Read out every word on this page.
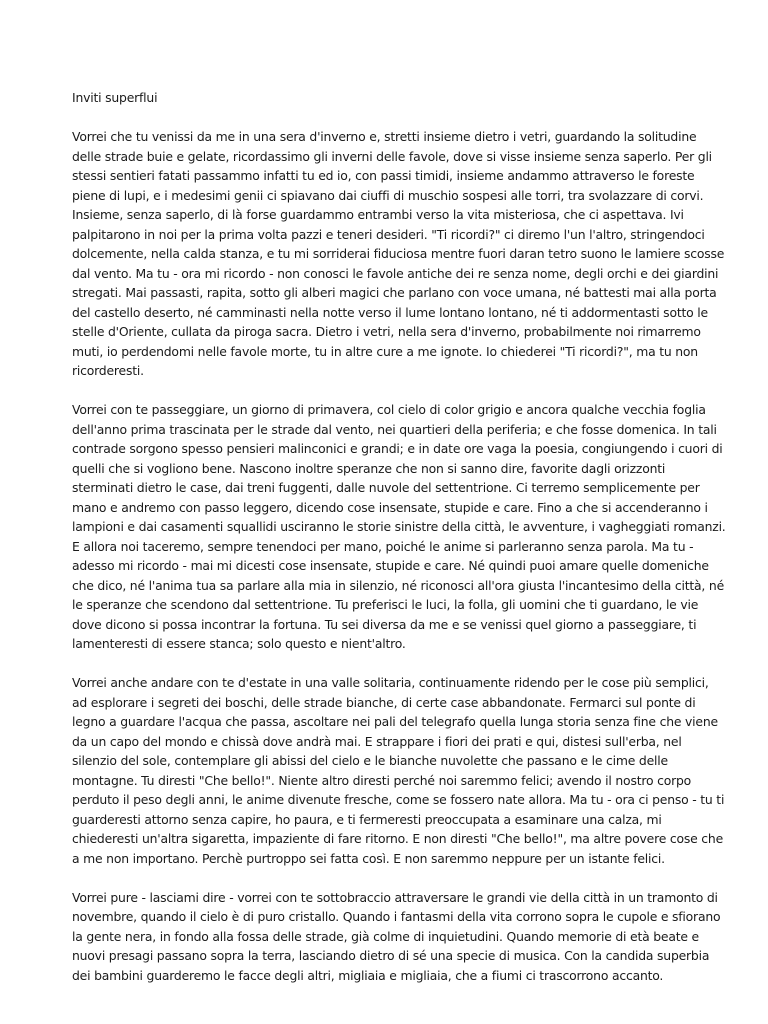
Inviti superflui

Vorrei che tu venissi da me in una sera d'inverno e, stretti insieme dietro i vetri, guardando la solitudine delle strade buie e gelate, ricordassimo gli inverni delle favole, dove si visse insieme senza saperlo. Per gli stessi sentieri fatati passammo infatti tu ed io, con passi timidi, insieme andammo attraverso le foreste piene di lupi, e i medesimi genii ci spiavano dai ciuffi di muschio sospesi alle torri, tra svolazzare di corvi. Insieme, senza saperlo, di là forse guardammo entrambi verso la vita misteriosa, che ci aspettava. Ivi palpitarono in noi per la prima volta pazzi e teneri desideri. "Ti ricordi?" ci diremo l'un l'altro, stringendoci dolcemente, nella calda stanza, e tu mi sorriderai fiduciosa mentre fuori daran tetro suono le lamiere scosse dal vento. Ma tu - ora mi ricordo - non conosci le favole antiche dei re senza nome, degli orchi e dei giardini stregati. Mai passasti, rapita, sotto gli alberi magici che parlano con voce umana, né battesti mai alla porta del castello deserto, né camminasti nella notte verso il lume lontano lontano, né ti addormentasti sotto le stelle d'Oriente, cullata da piroga sacra. Dietro i vetri, nella sera d'inverno, probabilmente noi rimarremo muti, io perdendomi nelle favole morte, tu in altre cure a me ignote. Io chiederei "Ti ricordi?", ma tu non ricorderesti.

Vorrei con te passeggiare, un giorno di primavera, col cielo di color grigio e ancora qualche vecchia foglia dell'anno prima trascinata per le strade dal vento, nei quartieri della periferia; e che fosse domenica. In tali contrade sorgono spesso pensieri malinconici e grandi; e in date ore vaga la poesia, congiungendo i cuori di quelli che si vogliono bene. Nascono inoltre speranze che non si sanno dire, favorite dagli orizzonti sterminati dietro le case, dai treni fuggenti, dalle nuvole del settentrione. Ci terremo semplicemente per mano e andremo con passo leggero, dicendo cose insensate, stupide e care. Fino a che si accenderanno i lampioni e dai casamenti squallidi usciranno le storie sinistre della città, le avventure, i vagheggiati romanzi. E allora noi taceremo, sempre tenendoci per mano, poiché le anime si parleranno senza parola. Ma tu - adesso mi ricordo - mai mi dicesti cose insensate, stupide e care. Né quindi puoi amare quelle domeniche che dico, né l'anima tua sa parlare alla mia in silenzio, né riconosci all'ora giusta l'incantesimo della città, né le speranze che scendono dal settentrione. Tu preferisci le luci, la folla, gli uomini che ti guardano, le vie dove dicono si possa incontrar la fortuna. Tu sei diversa da me e se venissi quel giorno a passeggiare, ti lamenteresti di essere stanca; solo questo e nient'altro.

Vorrei anche andare con te d'estate in una valle solitaria, continuamente ridendo per le cose più semplici, ad esplorare i segreti dei boschi, delle strade bianche, di certe case abbandonate. Fermarci sul ponte di legno a guardare l'acqua che passa, ascoltare nei pali del telegrafo quella lunga storia senza fine che viene da un capo del mondo e chissà dove andrà mai. E strappare i fiori dei prati e qui, distesi sull'erba, nel silenzio del sole, contemplare gli abissi del cielo e le bianche nuvolette che passano e le cime delle montagne. Tu diresti "Che bello!". Niente altro diresti perché noi saremmo felici; avendo il nostro corpo perduto il peso degli anni, le anime divenute fresche, come se fossero nate allora. Ma tu - ora ci penso - tu ti guarderesti attorno senza capire, ho paura, e ti fermeresti preoccupata a esaminare una calza, mi chiederesti un'altra sigaretta, impaziente di fare ritorno. E non diresti "Che bello!", ma altre povere cose che a me non importano. Perchè purtroppo sei fatta così. E non saremmo neppure per un istante felici.

Vorrei pure - lasciami dire - vorrei con te sottobraccio attraversare le grandi vie della città in un tramonto di novembre, quando il cielo è di puro cristallo. Quando i fantasmi della vita corrono sopra le cupole e sfiorano la gente nera, in fondo alla fossa delle strade, già colme di inquietudini. Quando memorie di età beate e nuovi presagi passano sopra la terra, lasciando dietro di sé una specie di musica. Con la candida superbia dei bambini guarderemo le facce degli altri, migliaia e migliaia, che a fiumi ci trascorrono accanto.
